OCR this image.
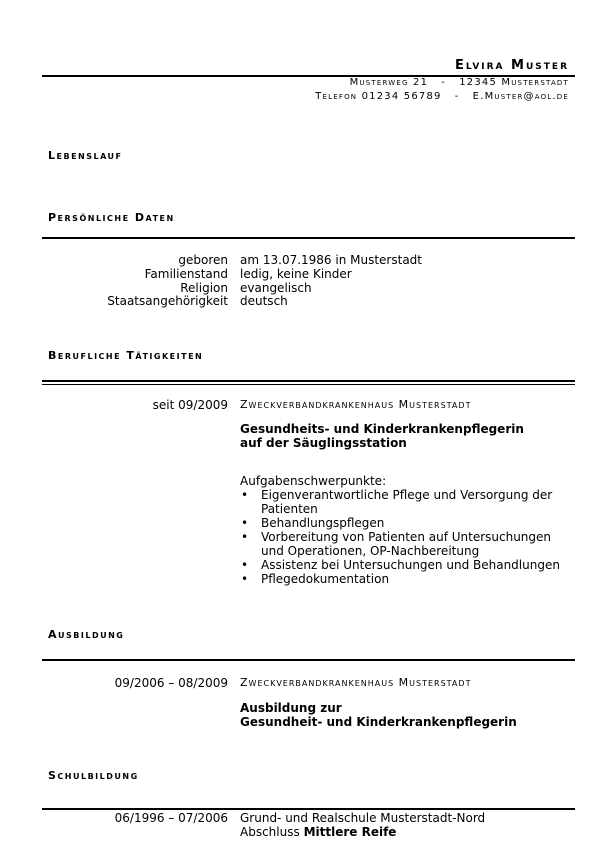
Elvira Muster
Musterweg 21   -   12345 Musterstadt
Telefon 01234 56789   -   E.Muster@aol.de
Lebenslauf
Persönliche Daten
geboren am 13.07.1986 in Musterstadt
Familienstand ledig, keine Kinder
Religion evangelisch
Staatsangehörigkeit deutsch
Berufliche Tätigkeiten
seit 09/2009 Zweckverbandkrankenhaus Musterstadt
Gesundheits- und Kinderkrankenpflegerin
auf der Säuglingsstation
Aufgabenschwerpunkte:
• Eigenverantwortliche Pflege und Versorgung der Patienten
• Behandlungspflegen
• Vorbereitung von Patienten auf Untersuchungen und Operationen, OP-Nachbereitung
• Assistenz bei Untersuchungen und Behandlungen
• Pflegedokumentation
Ausbildung
09/2006 – 08/2009 Zweckverbandkrankenhaus Musterstadt
Ausbildung zur
Gesundheit- und Kinderkrankenpflegerin
Schulbildung
06/1996 – 07/2006 Grund- und Realschule Musterstadt-Nord
Abschluss Mittlere Reife
